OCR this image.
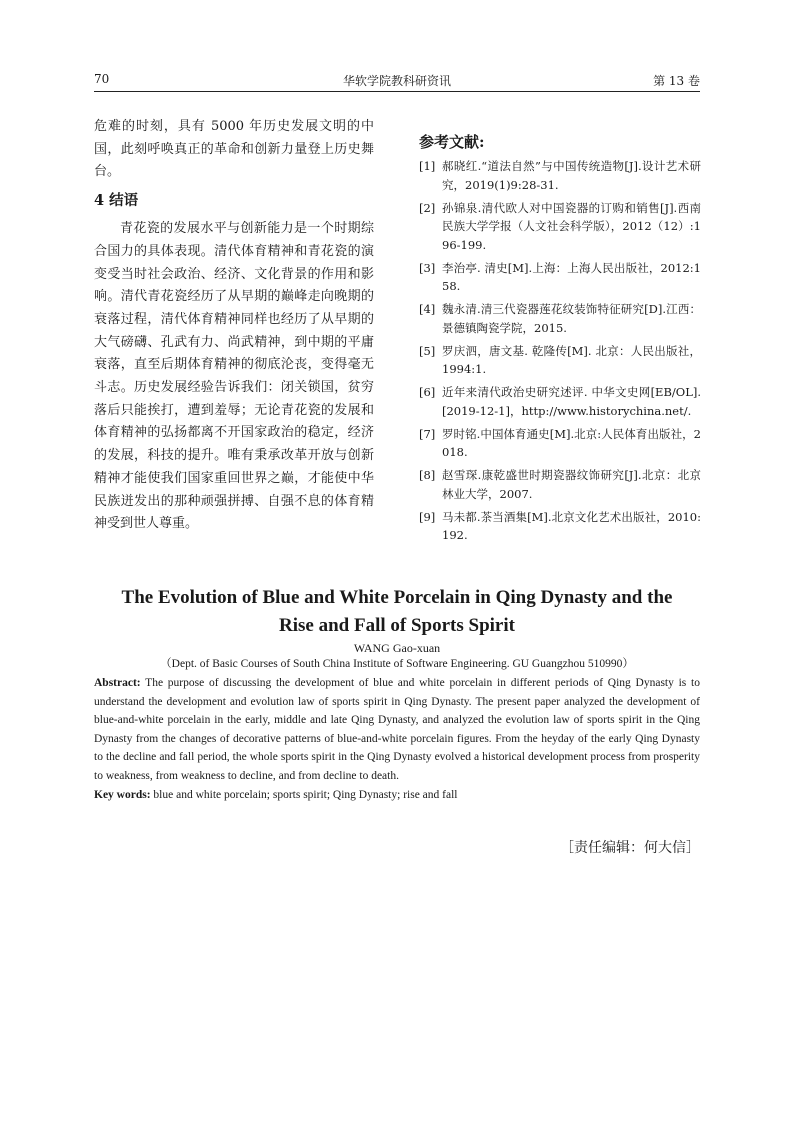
70	华软学院教科研资讯	第 13 卷

危难的时刻，具有 5000 年历史发展文明的中国，此刻呼唤真正的革命和创新力量登上历史舞台。

4 结语

青花瓷的发展水平与创新能力是一个时期综合国力的具体表现。清代体育精神和青花瓷的演变受当时社会政治、经济、文化背景的作用和影响。清代青花瓷经历了从早期的巅峰走向晚期的衰落过程，清代体育精神同样也经历了从早期的大气磅礴、孔武有力、尚武精神，到中期的平庸衰落，直至后期体育精神的彻底沦丧，变得毫无斗志。历史发展经验告诉我们：闭关锁国，贫穷落后只能挨打，遭到羞辱；无论青花瓷的发展和体育精神的弘扬都离不开国家政治的稳定，经济的发展，科技的提升。唯有秉承改革开放与创新精神才能使我们国家重回世界之巅，才能使中华民族迸发出的那种顽强拼搏、自强不息的体育精神受到世人尊重。

参考文献:
[1] 郝晓红.“道法自然”与中国传统造物[J].设计艺术研究，2019(1)9:28-31.
[2] 孙锦泉.清代欧人对中国瓷器的订购和销售[J].西南民族大学学报（人文社会科学版），2012（12）:196-199.
[3] 李治亭. 清史[M].上海：上海人民出版社，2012:158.
[4] 魏永清.清三代瓷器莲花纹装饰特征研究[D].江西：景德镇陶瓷学院，2015.
[5] 罗庆泗，唐文基. 乾隆传[M]. 北京：人民出版社，1994:1.
[6] 近年来清代政治史研究述评. 中华文史网[EB/OL].[2019-12-1]，http://www.historychina.net/.
[7] 罗时铭.中国体育通史[M].北京:人民体育出版社，2018.
[8] 赵雪琛.康乾盛世时期瓷器纹饰研究[J].北京：北京林业大学，2007.
[9] 马未都.茶当酒集[M].北京文化艺术出版社，2010:192.
The Evolution of Blue and White Porcelain in Qing Dynasty and the
Rise and Fall of Sports Spirit
WANG Gao-xuan
（Dept. of Basic Courses of South China Institute of Software Engineering. GU Guangzhou 510990）
Abstract: The purpose of discussing the development of blue and white porcelain in different periods of Qing Dynasty is to understand the development and evolution law of sports spirit in Qing Dynasty. The present paper analyzed the development of blue-and-white porcelain in the early, middle and late Qing Dynasty, and analyzed the evolution law of sports spirit in the Qing Dynasty from the changes of decorative patterns of blue-and-white porcelain figures. From the heyday of the early Qing Dynasty to the decline and fall period, the whole sports spirit in the Qing Dynasty evolved a historical development process from prosperity to weakness, from weakness to decline, and from decline to death.
Key words: blue and white porcelain; sports spirit; Qing Dynasty; rise and fall
［责任编辑：何大信］
